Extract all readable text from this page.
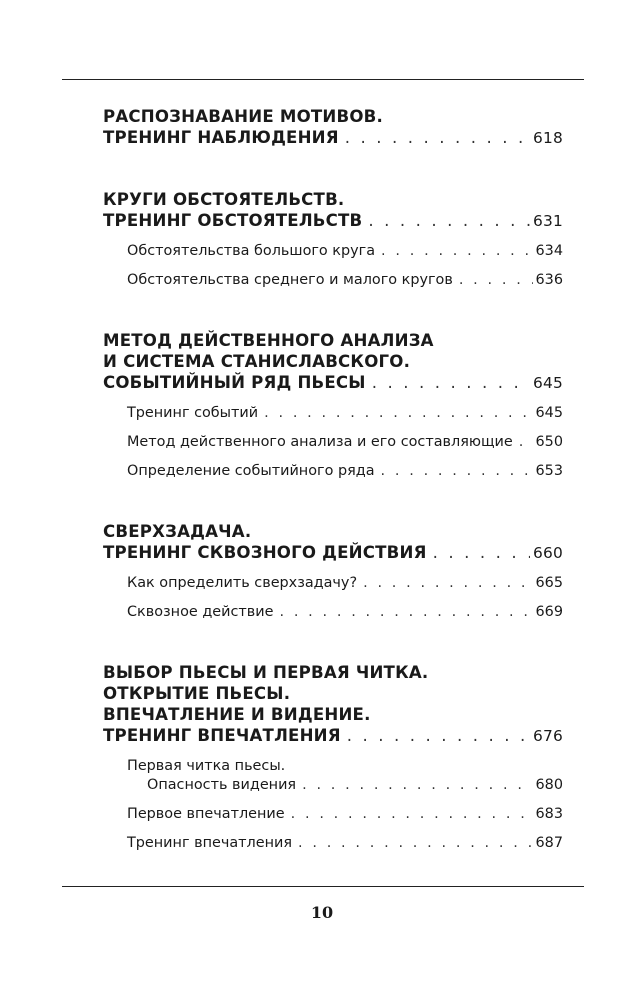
РАСПОЗНАВАНИЕ МОТИВОВ.
ТРЕНИНГ НАБЛЮДЕНИЯ . . .	618
КРУГИ ОБСТОЯТЕЛЬСТВ.
ТРЕНИНГ ОБСТОЯТЕЛЬСТВ . . .	631
Обстоятельства большого круга . . .	634
Обстоятельства среднего и малого кругов . . .	636
МЕТОД ДЕЙСТВЕННОГО АНАЛИЗА
И СИСТЕМА СТАНИСЛАВСКОГО.
СОБЫТИЙНЫЙ РЯД ПЬЕСЫ . . .	645
Тренинг событий . . .	645
Метод действенного анализа и его составляющие . . . 650
Определение событийного ряда . . .	653
СВЕРХЗАДАЧА.
ТРЕНИНГ СКВОЗНОГО ДЕЙСТВИЯ . . .	660
Как определить сверхзадачу? . . .	665
Сквозное действие . . .	669
ВЫБОР ПЬЕСЫ И ПЕРВАЯ ЧИТКА.
ОТКРЫТИЕ ПЬЕСЫ.
ВПЕЧАТЛЕНИЕ И ВИДЕНИЕ.
ТРЕНИНГ ВПЕЧАТЛЕНИЯ . . .	676
Первая читка пьесы.
Опасность видения . . .	680
Первое впечатление . . .	683
Тренинг впечатления . . .	687
10
